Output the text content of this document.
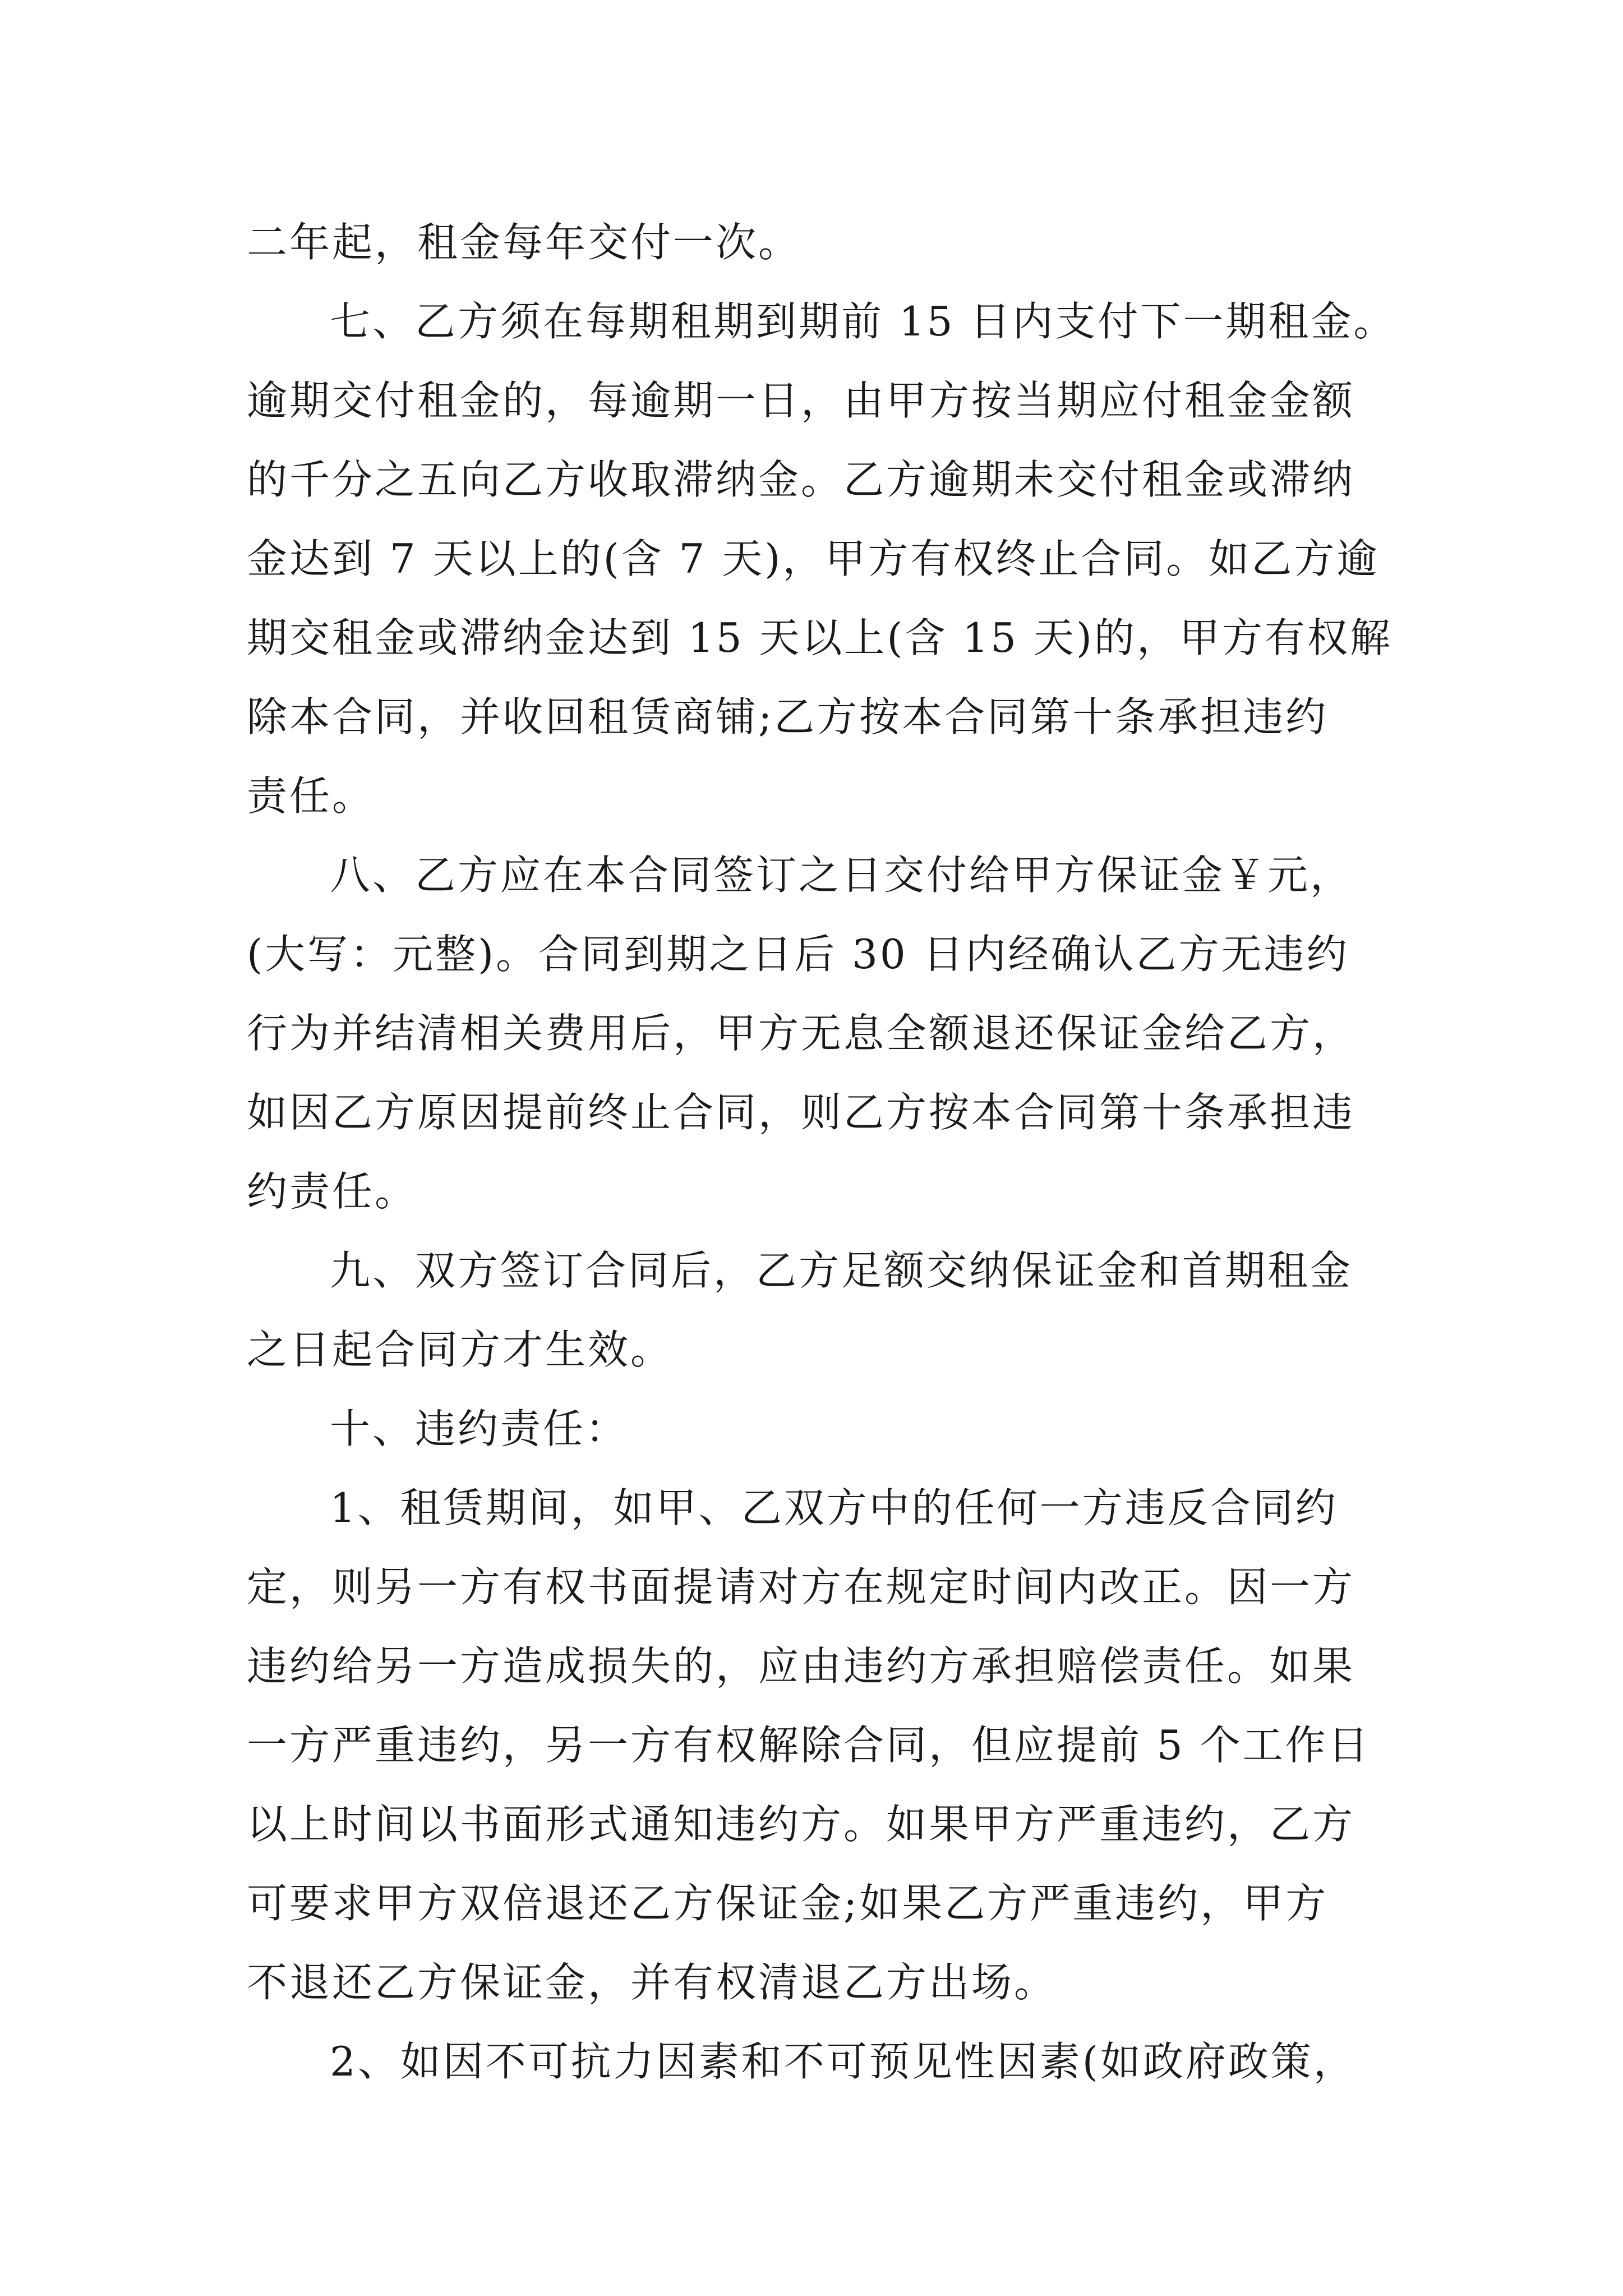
二年起，租金每年交付一次。
七、乙方须在每期租期到期前 15 日内支付下一期租金。
逾期交付租金的，每逾期一日，由甲方按当期应付租金金额
的千分之五向乙方收取滞纳金。乙方逾期未交付租金或滞纳
金达到 7 天以上的(含 7 天)，甲方有权终止合同。如乙方逾
期交租金或滞纳金达到 15 天以上(含 15 天)的，甲方有权解
除本合同，并收回租赁商铺;乙方按本合同第十条承担违约
责任。
八、乙方应在本合同签订之日交付给甲方保证金￥元，
(大写：元整)。合同到期之日后 30 日内经确认乙方无违约
行为并结清相关费用后，甲方无息全额退还保证金给乙方，
如因乙方原因提前终止合同，则乙方按本合同第十条承担违
约责任。
九、双方签订合同后，乙方足额交纳保证金和首期租金
之日起合同方才生效。
十、违约责任：
1、租赁期间，如甲、乙双方中的任何一方违反合同约
定，则另一方有权书面提请对方在规定时间内改正。因一方
违约给另一方造成损失的，应由违约方承担赔偿责任。如果
一方严重违约，另一方有权解除合同，但应提前 5 个工作日
以上时间以书面形式通知违约方。如果甲方严重违约，乙方
可要求甲方双倍退还乙方保证金;如果乙方严重违约，甲方
不退还乙方保证金，并有权清退乙方出场。
2、如因不可抗力因素和不可预见性因素(如政府政策，
